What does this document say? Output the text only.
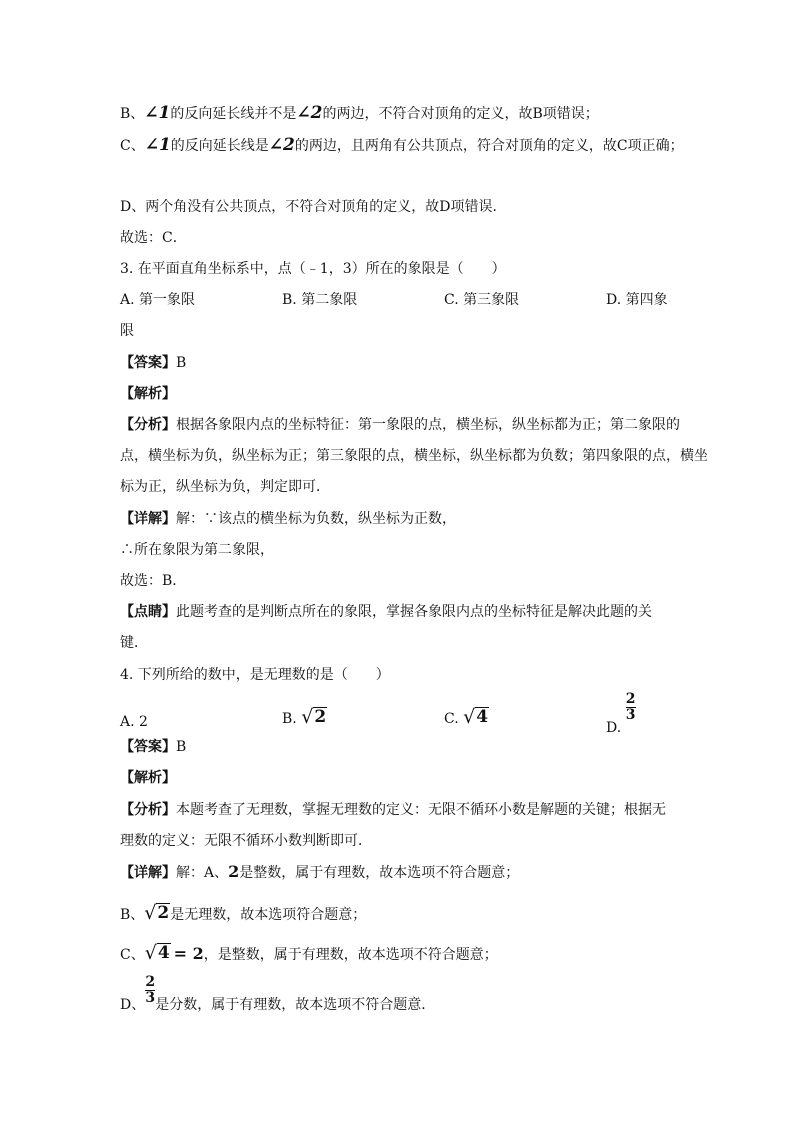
B、∠1的反向延长线并不是∠2的两边，不符合对顶角的定义，故B项错误；
C、∠1的反向延长线是∠2的两边，且两角有公共顶点，符合对顶角的定义，故C项正确；
D、两个角没有公共顶点，不符合对顶角的定义，故D项错误．
故选：C．
3. 在平面直角坐标系中，点（﹣1，3）所在的象限是（　　）
A. 第一象限	B. 第二象限	C. 第三象限	D. 第四象
限
【答案】B
【解析】
【分析】根据各象限内点的坐标特征：第一象限的点，横坐标，纵坐标都为正；第二象限的
点，横坐标为负，纵坐标为正；第三象限的点，横坐标，纵坐标都为负数；第四象限的点，横坐
标为正，纵坐标为负，判定即可．
【详解】解：∵该点的横坐标为负数，纵坐标为正数，
∴所在象限为第二象限，
故选：B．
【点睛】此题考查的是判断点所在的象限，掌握各象限内点的坐标特征是解决此题的关
键．
4. 下列所给的数中，是无理数的是（　　）
A. 2	B. √ 2	C. √ 4
D.
$\frac{2}{3}$
【答案】B
【解析】
【分析】本题考查了无理数，掌握无理数的定义：无限不循环小数是解题的关键；根据无
理数的定义：无限不循环小数判断即可．
【详解】解：A、2是整数，属于有理数，故本选项不符合题意；
B、 √ 2 是无理数，故本选项符合题意；
C、 √ 4 = 2，是整数，属于有理数，故本选项不符合题意；
D、 $\frac{2}{3}$ 是分数，属于有理数，故本选项不符合题意．
